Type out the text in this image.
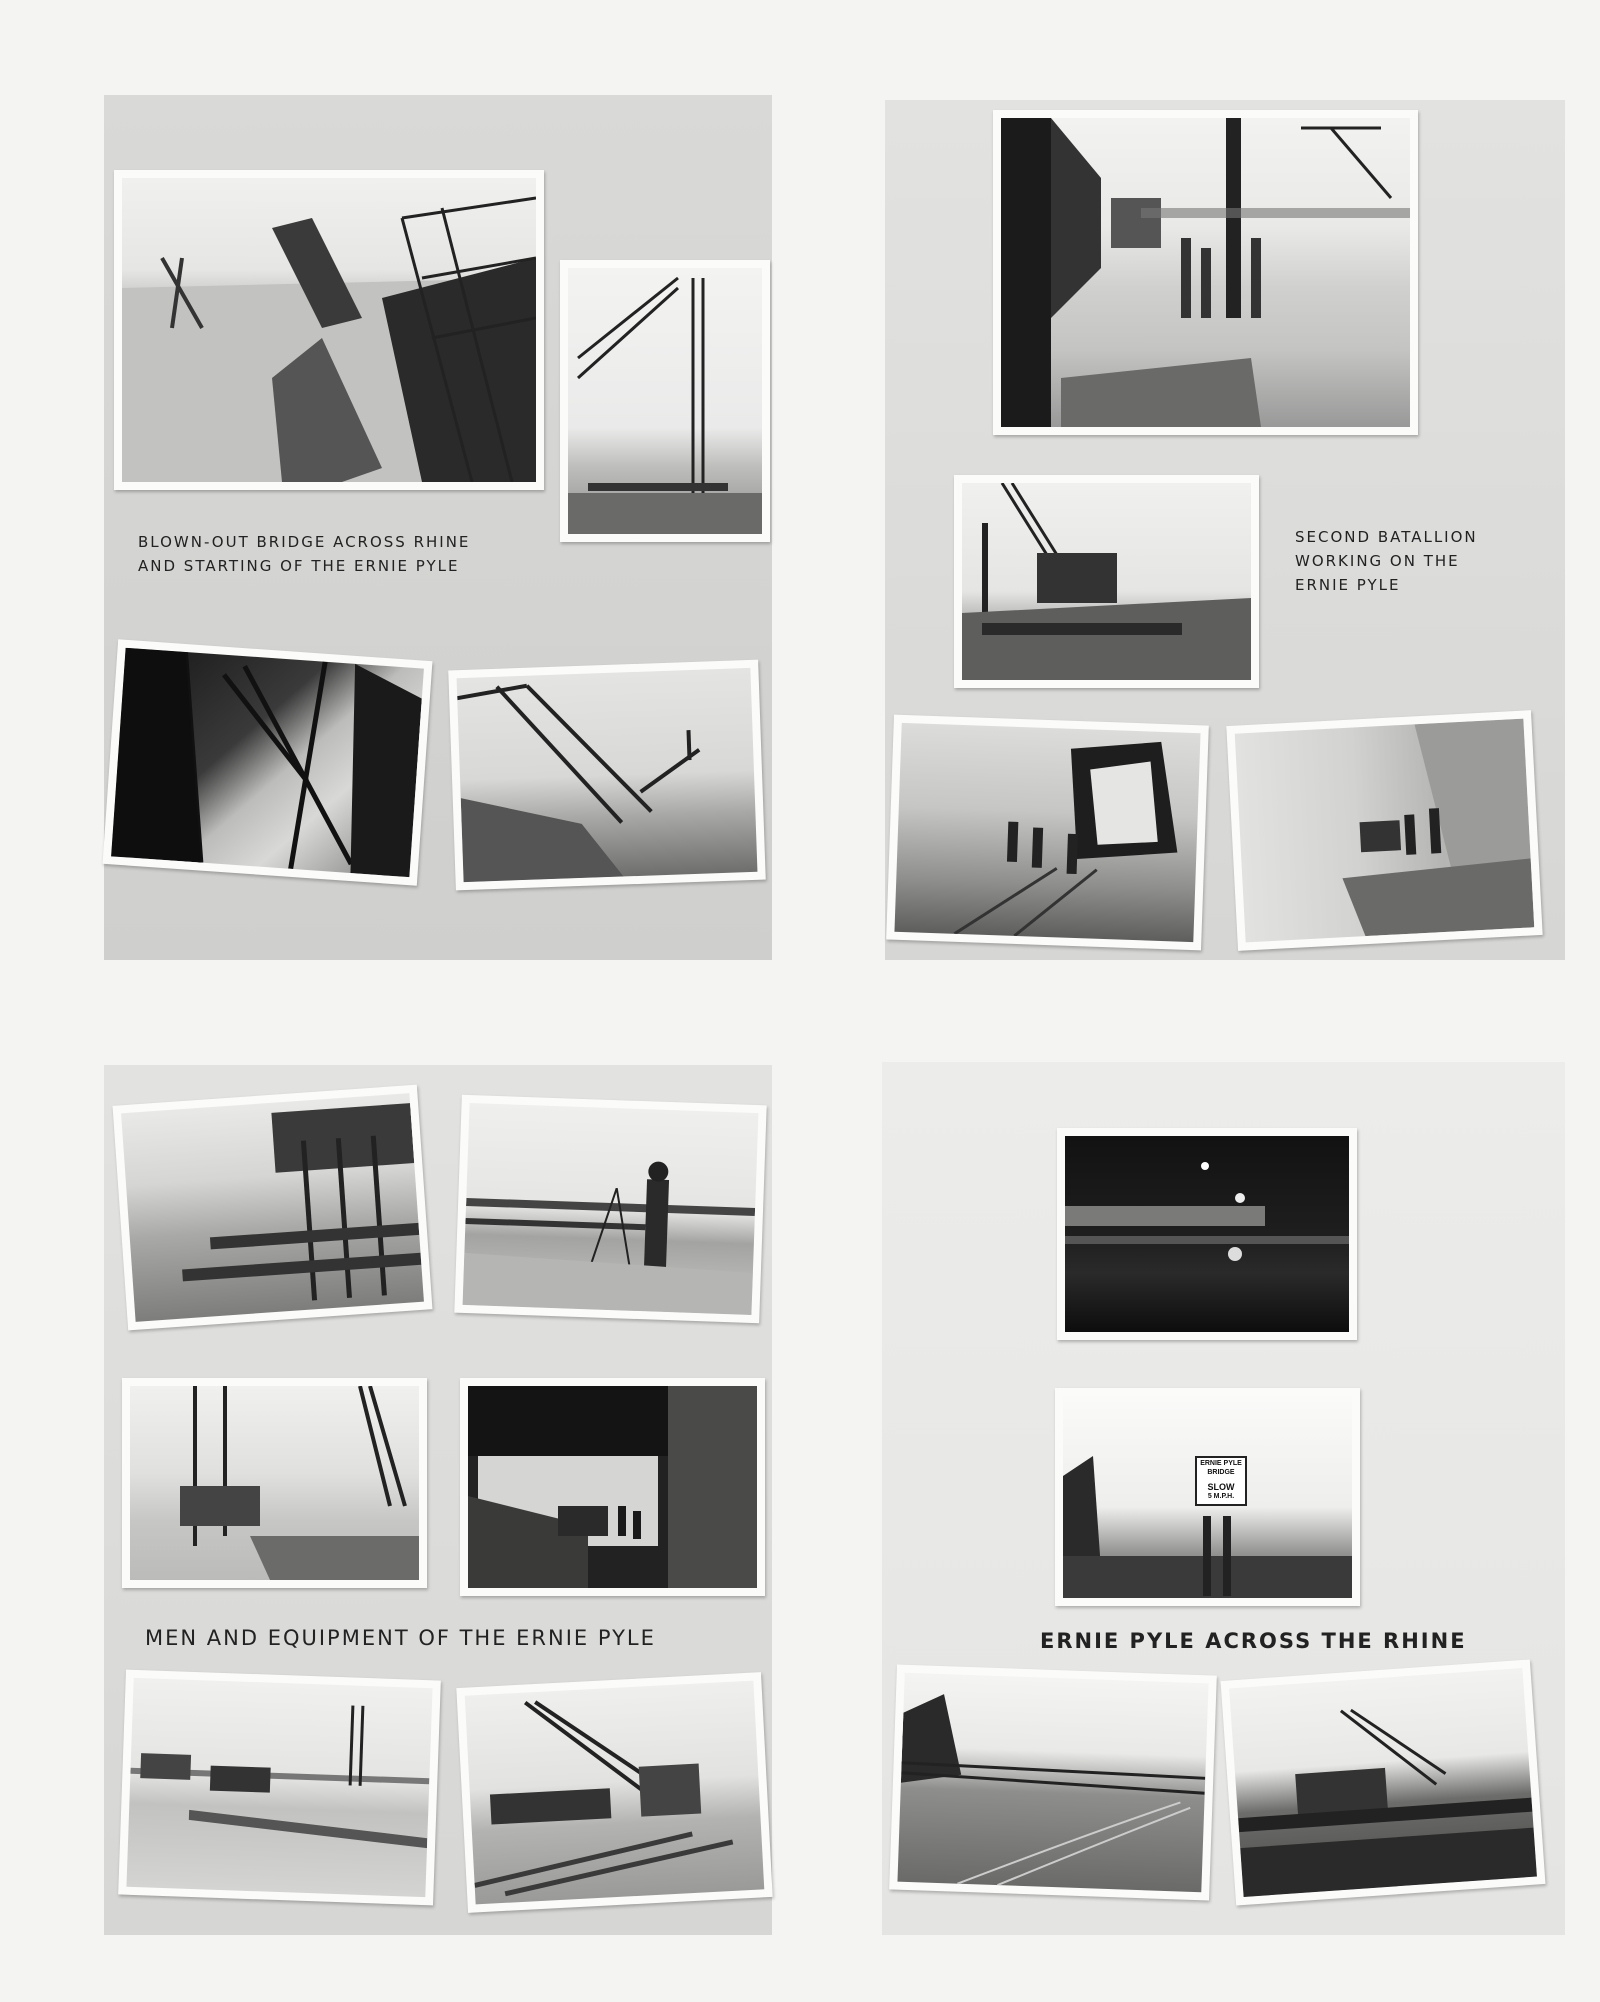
BLOWN-OUT BRIDGE ACROSS RHINE
AND STARTING OF THE ERNIE PYLE
SECOND BATALLION
WORKING ON THE
ERNIE PYLE
MEN AND EQUIPMENT OF THE ERNIE PYLE
ERNIE PYLE
BRIDGE
SLOW
5 M.P.H.
ERNIE PYLE ACROSS THE RHINE
